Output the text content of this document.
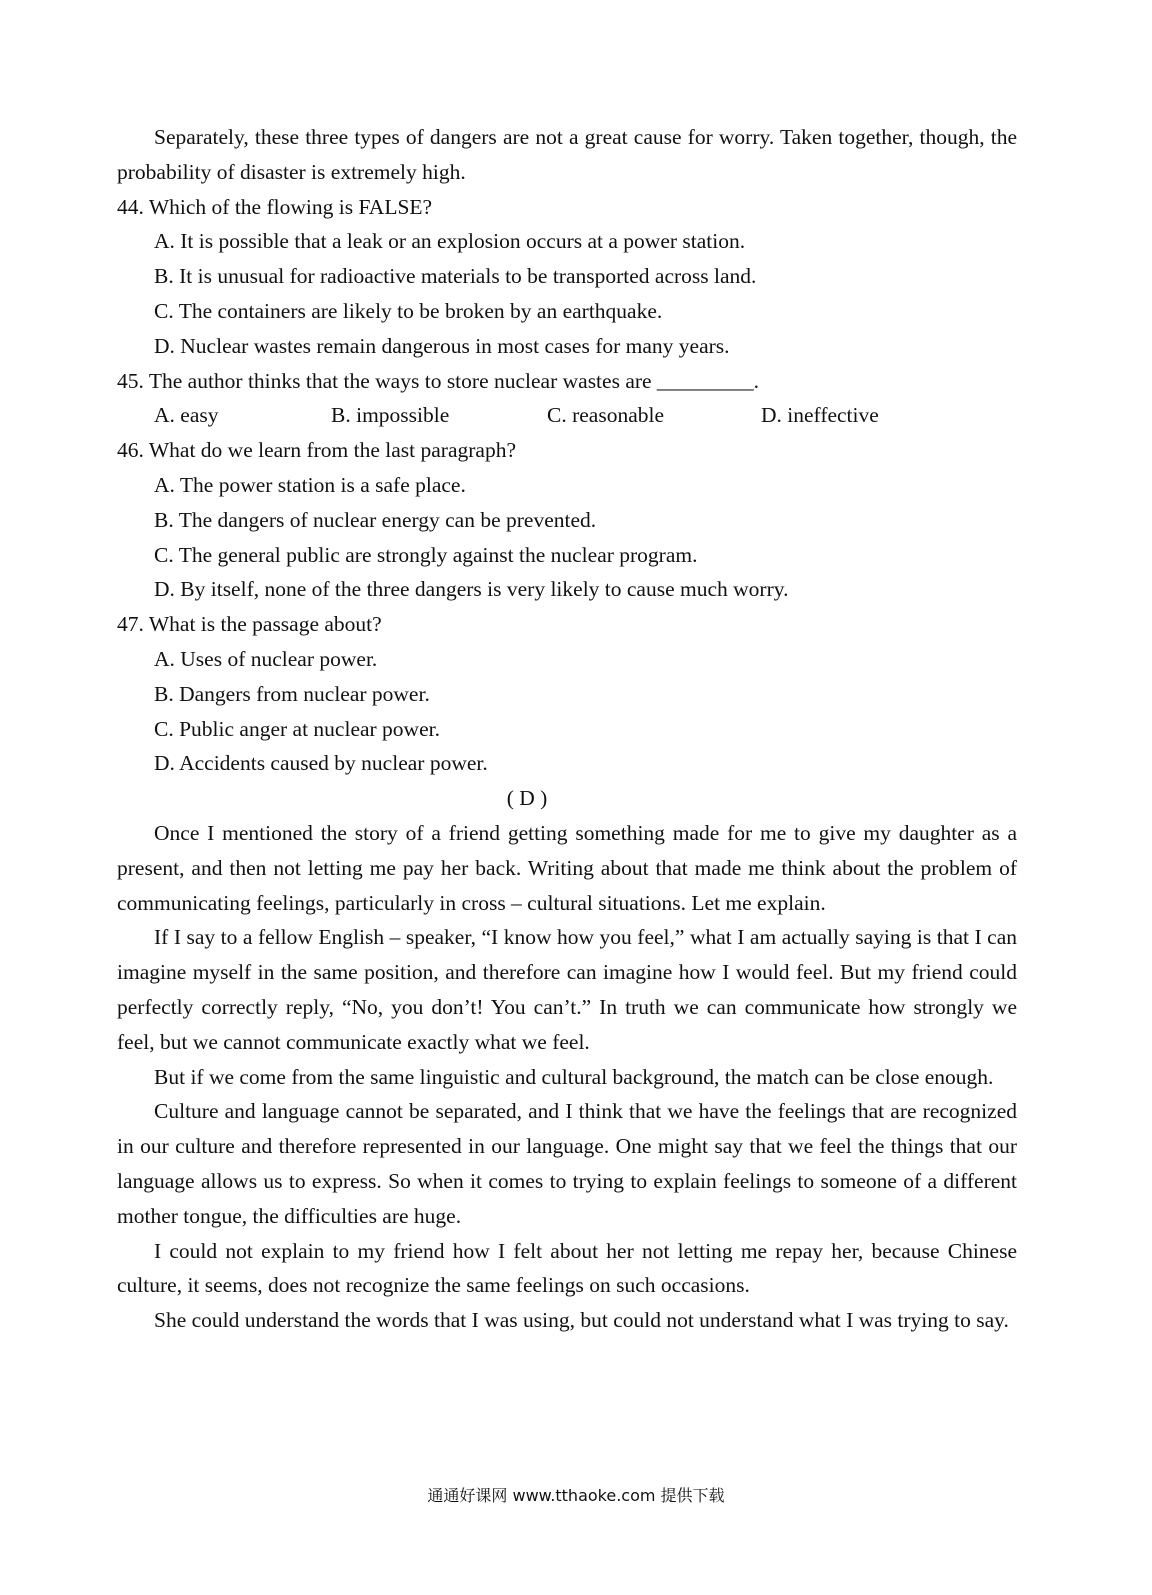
Separately, these three types of dangers are not a great cause for worry. Taken together, though, the probability of disaster is extremely high.

44. Which of the flowing is FALSE?
A. It is possible that a leak or an explosion occurs at a power station.
B. It is unusual for radioactive materials to be transported across land.
C. The containers are likely to be broken by an earthquake.
D. Nuclear wastes remain dangerous in most cases for many years.
45. The author thinks that the ways to store nuclear wastes are _________.
A. easy	B. impossible	C. reasonable	D. ineffective
46. What do we learn from the last paragraph?
A. The power station is a safe place.
B. The dangers of nuclear energy can be prevented.
C. The general public are strongly against the nuclear program.
D. By itself, none of the three dangers is very likely to cause much worry.
47. What is the passage about?
A. Uses of nuclear power.
B. Dangers from nuclear power.
C. Public anger at nuclear power.
D. Accidents caused by nuclear power.
( D )

Once I mentioned the story of a friend getting something made for me to give my daughter as a present, and then not letting me pay her back. Writing about that made me think about the problem of communicating feelings, particularly in cross – cultural situations. Let me explain.

If I say to a fellow English – speaker, “I know how you feel,” what I am actually saying is that I can imagine myself in the same position, and therefore can imagine how I would feel. But my friend could perfectly correctly reply, “No, you don’t! You can’t.” In truth we can communicate how strongly we feel, but we cannot communicate exactly what we feel.

But if we come from the same linguistic and cultural background, the match can be close enough.

Culture and language cannot be separated, and I think that we have the feelings that are recognized in our culture and therefore represented in our language. One might say that we feel the things that our language allows us to express. So when it comes to trying to explain feelings to someone of a different mother tongue, the difficulties are huge.

I could not explain to my friend how I felt about her not letting me repay her, because Chinese culture, it seems, does not recognize the same feelings on such occasions.

She could understand the words that I was using, but could not understand what I was trying to say.

通通好课网 www.tthaoke.com 提供下载
